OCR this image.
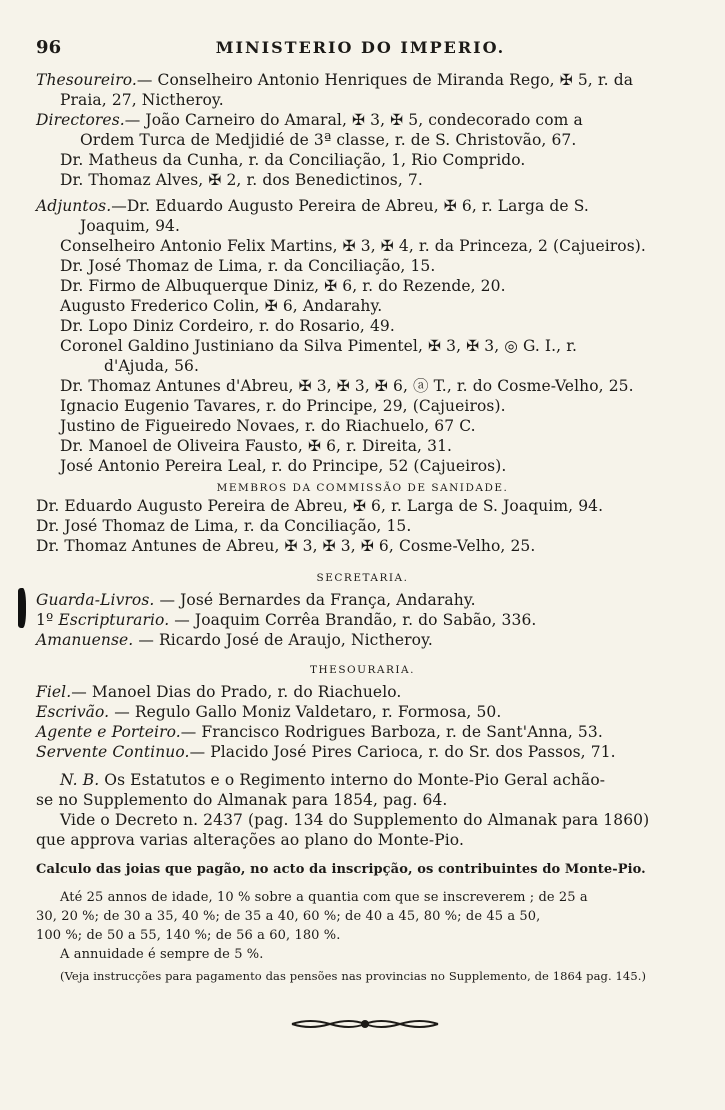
96	MINISTERIO DO IMPERIO.
Thesoureiro.— Conselheiro Antonio Henriques de Miranda Rego, ✠ 5, r. da
Praia, 27, Nictheroy.
Directores.— João Carneiro do Amaral, ✠ 3, ✠ 5, condecorado com a
Ordem Turca de Medjidié de 3ª classe, r. de S. Christovão, 67.
Dr. Matheus da Cunha, r. da Conciliação, 1, Rio Comprido.
Dr. Thomaz Alves, ✠ 2, r. dos Benedictinos, 7.
Adjuntos.—Dr. Eduardo Augusto Pereira de Abreu, ✠ 6, r. Larga de S.
Joaquim, 94.
Conselheiro Antonio Felix Martins, ✠ 3, ✠ 4, r. da Princeza, 2 (Cajueiros).
Dr. José Thomaz de Lima, r. da Conciliação, 15.
Dr. Firmo de Albuquerque Diniz, ✠ 6, r. do Rezende, 20.
Augusto Frederico Colin, ✠ 6, Andarahy.
Dr. Lopo Diniz Cordeiro, r. do Rosario, 49.
Coronel Galdino Justiniano da Silva Pimentel, ✠ 3, ✠ 3, ◎ G. I., r.
d'Ajuda, 56.
Dr. Thomaz Antunes d'Abreu, ✠ 3, ✠ 3, ✠ 6, ⓐ T., r. do Cosme-Velho, 25.
Ignacio Eugenio Tavares, r. do Principe, 29, (Cajueiros).
Justino de Figueiredo Novaes, r. do Riachuelo, 67 C.
Dr. Manoel de Oliveira Fausto, ✠ 6, r. Direita, 31.
José Antonio Pereira Leal, r. do Principe, 52 (Cajueiros).
MEMBROS DA COMMISSÃO DE SANIDADE.
Dr. Eduardo Augusto Pereira de Abreu, ✠ 6, r. Larga de S. Joaquim, 94.
Dr. José Thomaz de Lima, r. da Conciliação, 15.
Dr. Thomaz Antunes de Abreu, ✠ 3, ✠ 3, ✠ 6, Cosme-Velho, 25.
SECRETARIA.
Guarda-Livros. — José Bernardes da França, Andarahy.
1º Escripturario. — Joaquim Corrêa Brandão, r. do Sabão, 336.
Amanuense. — Ricardo José de Araujo, Nictheroy.
THESOURARIA.
Fiel.— Manoel Dias do Prado, r. do Riachuelo.
Escrivão. — Regulo Gallo Moniz Valdetaro, r. Formosa, 50.
Agente e Porteiro.— Francisco Rodrigues Barboza, r. de Sant'Anna, 53.
Servente Continuo.— Placido José Pires Carioca, r. do Sr. dos Passos, 71.
N. B. Os Estatutos e o Regimento interno do Monte-Pio Geral achão-
se no Supplemento do Almanak para 1854, pag. 64.
Vide o Decreto n. 2437 (pag. 134 do Supplemento do Almanak para 1860)
que approva varias alterações ao plano do Monte-Pio.
Calculo das joias que pagão, no acto da inscripção, os contribuintes do Monte-Pio.
Até 25 annos de idade, 10 % sobre a quantia com que se inscreverem ; de 25 a
30, 20 %; de 30 a 35, 40 %; de 35 a 40, 60 %; de 40 a 45, 80 %; de 45 a 50,
100 %; de 50 a 55, 140 %; de 56 a 60, 180 %.
A annuidade é sempre de 5 %.
(Veja instrucções para pagamento das pensões nas provincias no Supplemento, de 1864 pag. 145.)
